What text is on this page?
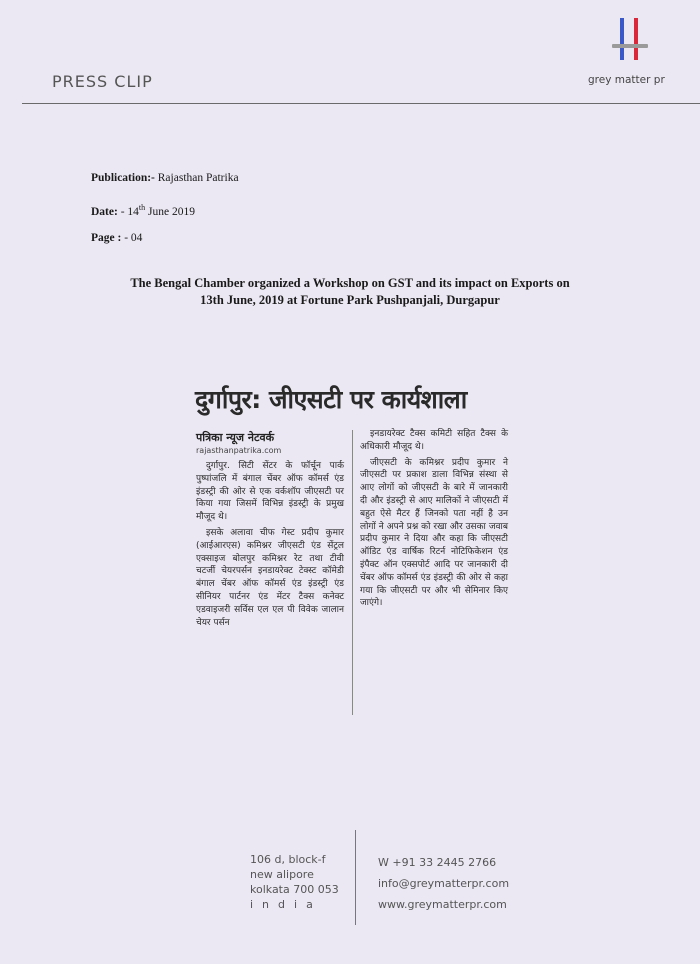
grey matter pr
PRESS CLIP
Publication:- Rajasthan Patrika
Date: - 14th June 2019
Page : - 04
The Bengal Chamber organized a Workshop on GST and its impact on Exports on
13th June, 2019 at Fortune Park Pushpanjali, Durgapur
दुर्गापुर: जीएसटी पर कार्यशाला
पत्रिका न्यूज नेटवर्क
rajasthanpatrika.com

दुर्गापुर. सिटी सेंटर के फॉर्चून पार्क पुष्पांजलि में बंगाल चेंबर ऑफ कॉमर्स एंड इंडस्ट्री की ओर से एक वर्कशॉप जीएसटी पर किया गया जिसमें विभिन्न इंडस्ट्री के प्रमुख मौजूद थे।

इसके अलावा चीफ गेस्ट प्रदीप कुमार (आईआरएस) कमिश्नर जीएसटी एंड सेंट्रल एक्साइज बोलपुर कमिश्नर रेट तथा टीवी चटर्जी चेयरपर्सन इनडायरेक्ट टेक्स्ट कॉमेडी बंगाल चेंबर ऑफ कॉमर्स एंड इंडस्ट्री एंड सीनियर पार्टनर एंड मेंटर टैक्स कनेक्ट एडवाइजरी सर्विस एल एल पी विवेक जालान चेयर पर्सन

इनडायरेक्ट टैक्स कमिटी सहित टैक्स के अधिकारी मौजूद थे।

जीएसटी के कमिश्नर प्रदीप कुमार ने जीएसटी पर प्रकाश डाला विभिन्न संस्था से आए लोगों को जीएसटी के बारे में जानकारी दी और इंडस्ट्री से आए मालिकों ने जीएसटी में बहुत ऐसे मैटर हैं जिनको पता नहीं है उन लोगों ने अपने प्रश्न को रखा और उसका जवाब प्रदीप कुमार ने दिया और कहा कि जीएसटी ऑडिट एंड वार्षिक रिटर्न नोटिफिकेशन एंड इंपैक्ट ऑन एक्सपोर्ट आदि पर जानकारी दी चेंबर ऑफ कॉमर्स एंड इंडस्ट्री की ओर से कहा गया कि जीएसटी पर और भी सेमिनार किए जाएंगे।

106 d, block-f
new alipore
kolkata 700 053
india
W +91 33 2445 2766
info@greymatterpr.com
www.greymatterpr.com
